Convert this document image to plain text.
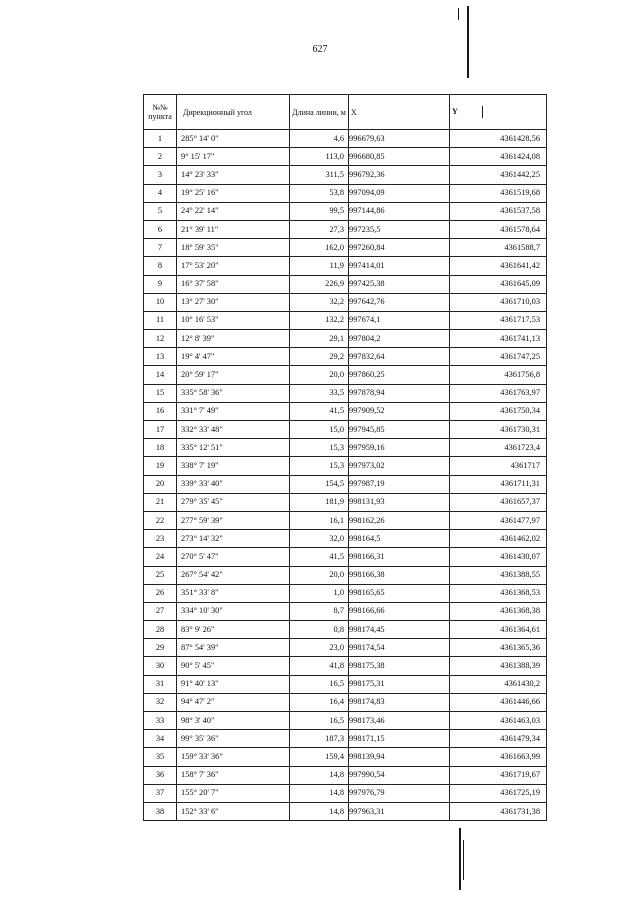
627
№№ пункта	Дирекционный угол	Длина линии, м	X	Y
1	285° 14' 0"	4,6	996679,63	4361428,56
2	9° 15' 17"	113,0	996680,85	4361424,08
3	14° 23' 33"	311,5	996792,36	4361442,25
4	19° 25' 16"	53,8	997094,09	4361519,68
5	24° 22' 14"	99,5	997144,86	4361537,58
6	21° 39' 11"	27,3	997235,5	4361578,64
7	18° 59' 35"	162,0	997260,84	4361588,7
8	17° 53' 20"	11,9	997414,01	4361641,42
9	16° 37' 58"	226,9	997425,38	4361645,09
10	13° 27' 30"	32,2	997642,76	4361710,03
11	10° 16' 53"	132,2	997674,1	4361717,53
12	12° 8' 39"	29,1	997804,2	4361741,13
13	19° 4' 47"	29,2	997832,64	4361747,25
14	20° 59' 17"	20,0	997860,25	4361756,8
15	335° 58' 36"	33,5	997878,94	4361763,97
16	331° 7' 49"	41,5	997909,52	4361750,34
17	332° 33' 48"	15,0	997945,85	4361730,31
18	335° 12' 51"	15,3	997959,16	4361723,4
19	338° 7' 19"	15,3	997973,02	4361717
20	339° 33' 40"	154,5	997987,19	4361711,31
21	279° 35' 45"	181,9	998131,93	4361657,37
22	277° 59' 39"	16,1	998162,26	4361477,97
23	273° 14' 32"	32,0	998164,5	4361462,02
24	270° 5' 47"	41,5	998166,31	4361430,07
25	267° 54' 42"	20,0	998166,38	4361388,55
26	351° 33' 8"	1,0	998165,65	4361368,53
27	334° 10' 30"	8,7	998166,66	4361368,38
28	83° 9' 26"	0,8	998174,45	4361364,61
29	87° 54' 39"	23,0	998174,54	4361365,36
30	90° 5' 45"	41,8	998175,38	4361388,39
31	91° 40' 13"	16,5	998175,31	4361430,2
32	94° 47' 2"	16,4	998174,83	4361446,66
33	98° 3' 40"	16,5	998173,46	4361463,03
34	99° 35' 36"	187,3	998171,15	4361479,34
35	159° 33' 36"	159,4	998139,94	4361663,99
36	158° 7' 36"	14,8	997990,54	4361719,67
37	155° 20' 7"	14,8	997976,79	4361725,19
38	152° 33' 6"	14,8	997963,31	4361731,38
